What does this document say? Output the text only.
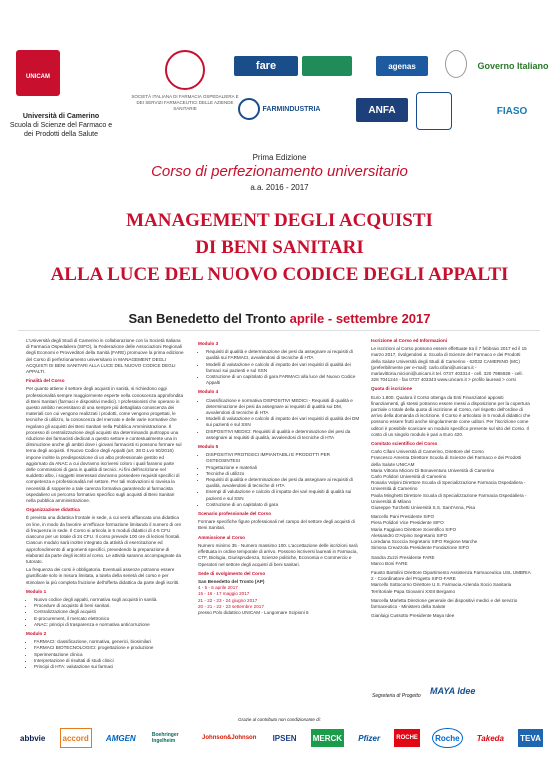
UNICAM
Università di Camerino
Scuola di Scienze del Farmaco e dei Prodotti della Salute
SOCIETÀ ITALIANA DI FARMACIA OSPEDALIERA E DEI SERVIZI FARMACEUTICI DELLE AZIENDE SANITARIE
fare	agenas	Governo Italiano
FARMINDUSTRIA	ANFA	FIASO
Prima Edizione
Corso di perfezionamento universitario
a.a. 2016 - 2017
MANAGEMENT DEGLI ACQUISTI
DI BENI SANITARI
ALLA LUCE DEL NUOVO CODICE DEGLI APPALTI
San Benedetto del Tronto aprile - settembre 2017

L'Università degli Studi di Camerino in collaborazione con la Società Italiana di Farmacia Ospedaliera (SIFO), la Federazione delle Associazioni Regionali degli Economi e Provveditori della Sanità (FARE) promuove la prima edizione del Corso di perfezionamento universitario in MANAGEMENT DEGLI ACQUISTI DI BENI SANITARI ALLA LUCE DEL NUOVO CODICE DEGLI APPALTI.

Finalità del Corso

Per quanto attiene il settore degli acquisti in sanità, si richiedono oggi professionalità sempre maggiormente esperte nella conoscenza approfondita di Beni Sanitari (farmaci e dispositivi medici). I professionisti che operano in questo ambito necessitano di una sempre più dettagliata conoscenza dei materiali con cui vengono realizzati i prodotti, come vengono progettati, le tecniche di utilizzo, la conoscenza del mercato e delle varie normative che regolano gli acquisti dei Beni Sanitari nella Pubblica Amministrazione. Il processo di centralizzazione degli acquisti sta determinando purtroppo una riduzione dei farmacisti dedicati a questo settore e contestualmente una in diminuzione anche gli ambiti dove i giovani farmacisti si possono formare sul tema degli acquisti. Il Nuovo Codice degli Appalti (art. 38 D.Lvo 50/2016) impone inoltre la predisposizione di un albo professionale gestito ed aggiornato da ANAC a cui dovranno iscriversi coloro i quali faranno parte delle commissioni di gara in qualità di tecnici. Ai fini dell'iscrizione nel suddetto albo, i soggetti interessati dovranno possedere requisiti specifici di competenza e professionalità nel settore. Per tali motivazioni si ravvisa la necessità di sopperire a tale carenza formativa garantendo al farmacista ospedaliero un percorso formativo specifico sugli acquisti di Beni Sanitari nella pubblica amministrazione.

Organizzazione didattica

È prevista una didattica frontale in sede, a cui verrà affiancata una didattica on line, in modo da favorire un'efficace formazione limitando il numero di ore di frequenza in sede. Il Corso si articola in 5 moduli didattici di 4-5 CFU ciascuno per un totale di 24 CFU. Il corso prevede 100 ore di lezioni frontali. Ciascun modulo sarà inoltre integrato da attività di esercitazione ed approfondimento di argomenti specifici, prevedendo la preparazione di elaborati da parte degli iscritti al corso. Le attività saranno accompagnate da tutorato.

La frequenza dei corsi è obbligatoria. Eventuali assenze potranno essere giustificate solo in misura limitata, a tutela della serietà del corso e per stimolare la più completa fruizione dell'offerta didattica da parte degli iscritti.

Modulo 1

• Nuovo codice degli appalti, normativa sugli acquisti in sanità.
• Procedure di acquisto di beni sanitari.
• Centralizzazione degli acquisti
• E-procurement, il mercato elettronico
• ANAC: principi di trasparenza e normativa anticorruzione

Modulo 2

• FARMACI: classificazione, normativa, generici, biosimilari
• FARMACI BIOTECNOLOGICI: progettazione e produzione
• Sperimentazione clinica
• Interpretazione di risultati di studi clinici
• Principi di HTA: valutazione sui farmaci

Modulo 3

• Requisiti di qualità e determinazione dei pesi da assegnare ai requisiti di qualità sui FARMACI, avvalendosi di tecniche di HTA
• Modelli di valutazione e calcolo di impatto dei vari requisiti di qualità dei farmaci sui pazienti e sul SSN
• Costruzione di un capitolato di gara FARMACI alla luce del Nuovo Codice Appalti

Modulo 4

• Classificazione e normativa DISPOSITIVI MEDICI - Requisiti di qualità e determinazione dei pesi da assegnare ai requisiti di qualità sui DM, avvalendosi di tecniche di HTA
• Modelli di valutazione e calcolo di impatto dei vari requisiti di qualità dei DM sui pazienti e sul SSN
• DISPOSITIVI MEDICI: Requisiti di qualità e determinazione dei pesi da assegnare ai requisiti di qualità, avvalendosi di tecniche di HTA

Modulo 5

• DISPOSITIVI PROTESICI IMPIANTABILI E PRODOTTI PER OSTEOSINTESI
• Progettazione e materiali
• Tecniche di utilizzo
• Requisiti di qualità e determinazione dei pesi da assegnare ai requisiti di qualità, avvalendosi di tecniche di HTA
• Esempi di valutazione e calcolo di impatto dei vari requisiti di qualità sui pazienti e sul SSN
• Costruzione di un capitolato di gara

Scenario professionale del Corso

Formare specifiche figure professionali nel campo del settore degli acquisti di Beni Sanitari.

Ammissione al Corso

Numero minimo 35 - Numero massimo 100. L'accettazione delle iscrizioni sarà effettuata in ordine temporale di arrivo. Possono iscriversi laureati in Farmacia, CTF, Biologia, Giurisprudenza, Scienze politiche, Economia e Commercio e Operatori nel settore degli acquisti di beni sanitari.

Sede di svolgimento del Corso

San Benedetto del Tronto (AP)

4 - 5 - 6 aprile 2017
15 - 16 - 17 maggio 2017
21 - 22 - 23 - 24 giugno 2017
20 - 21 - 22 - 23 settembre 2017

presso Polo didattico UNICAM - Lungomare Scipioni 6

Iscrizione al Corso ed Informazioni

Le iscrizioni al Corso possono essere effettuate tra il 7 febbraio 2017 ed il 15 marzo 2017, rivolgendosi a: Scuola di Scienze del Farmaco e dei Prodotti della Salute Università degli Studi di Camerino - 62032 CAMERINO (MC) (preferibilmente per e-mail): carlo.cifani@unicam.it - mariavittoria.micioni@unicam.it tel. 0737 403314 - cell. 320 7985928 - cell. 328 7041244 - fax 0737 403343 www.unicam.it > profilo laureati > corsi

Quota di iscrizione

Euro 1.800. Qualora il Corso ottenga da Enti Finanziatori appositi finanziamenti, gli stessi potranno essere messi a disposizione per la copertura parziale o totale della quota di iscrizione al Corso, nel rispetto dell'ordine di arrivo della domanda di iscrizione. Il Corso è articolato in 5 moduli didattici che possono essere frutti anche singolarmente come uditori. Per l'iscrizione come uditori è possibile scaricare un modulo specifico presente sul sito del Corso. Il costo di un singolo modulo è pari a Euro 420.

Comitato scientifico del Corso

Carlo Cifani Università di Camerino, Direttore del Corso
Francesco Amenta Direttore Scuola di Scienze del Farmaco e dei Prodotti della Salute UNICAM
Maria Vittoria Micioni Di Bonaventura Università di Camerino
Carlo Polidori Università di Camerino
Rosaria Volpini Direttore Scuola di Specializzazione Farmacia Ospedaliera - Università di Camerino
Paola Minghetti Direttore Scuola di Specializzazione Farmacia Ospedaliera - Università di Milano
Giuseppe Turchetti Università S.S. Sant'Anna, Pisa
Marcello Pani Presidente SIFO
Piera Polidori Vice Presidente SIFO
Maria Faggiano Direttore Scientifico SIFO
Alessandro D'Arpino Segretario SIFO
Loredana Scoccia Segretario SIFO Regione Marche
Simona Creazzola Presidente Fondazione SIFO
Sandra Zuzzi Presidente FARE
Marco Boni FARE
Fausto Bartolini Direttore Dipartimento Assistenza Farmaceutica USL UMBRIA 2 - Coordinatore del Progetto SIFO-FARE
Marcello Sottocorno Direttore U.S. Farmacia Azienda Socio Sanitaria Territoriale Papa Giovanni XXIII Bergamo
Marcella Marletta Direzione generale dei dispositivi medici e del servizio farmaceutico - Ministero della Salute
Gianluigi Cussotto Presidente Maya Idee
Segreteria di Progetto MAYA Idee
Grazie al contributo non condizionante di:
abbvie	accord	AMGEN	Boehringer Ingelheim	Johnson&Johnson IPSEN MERCK Pfizer	ROCHE	Roche	Takeda TEVA
